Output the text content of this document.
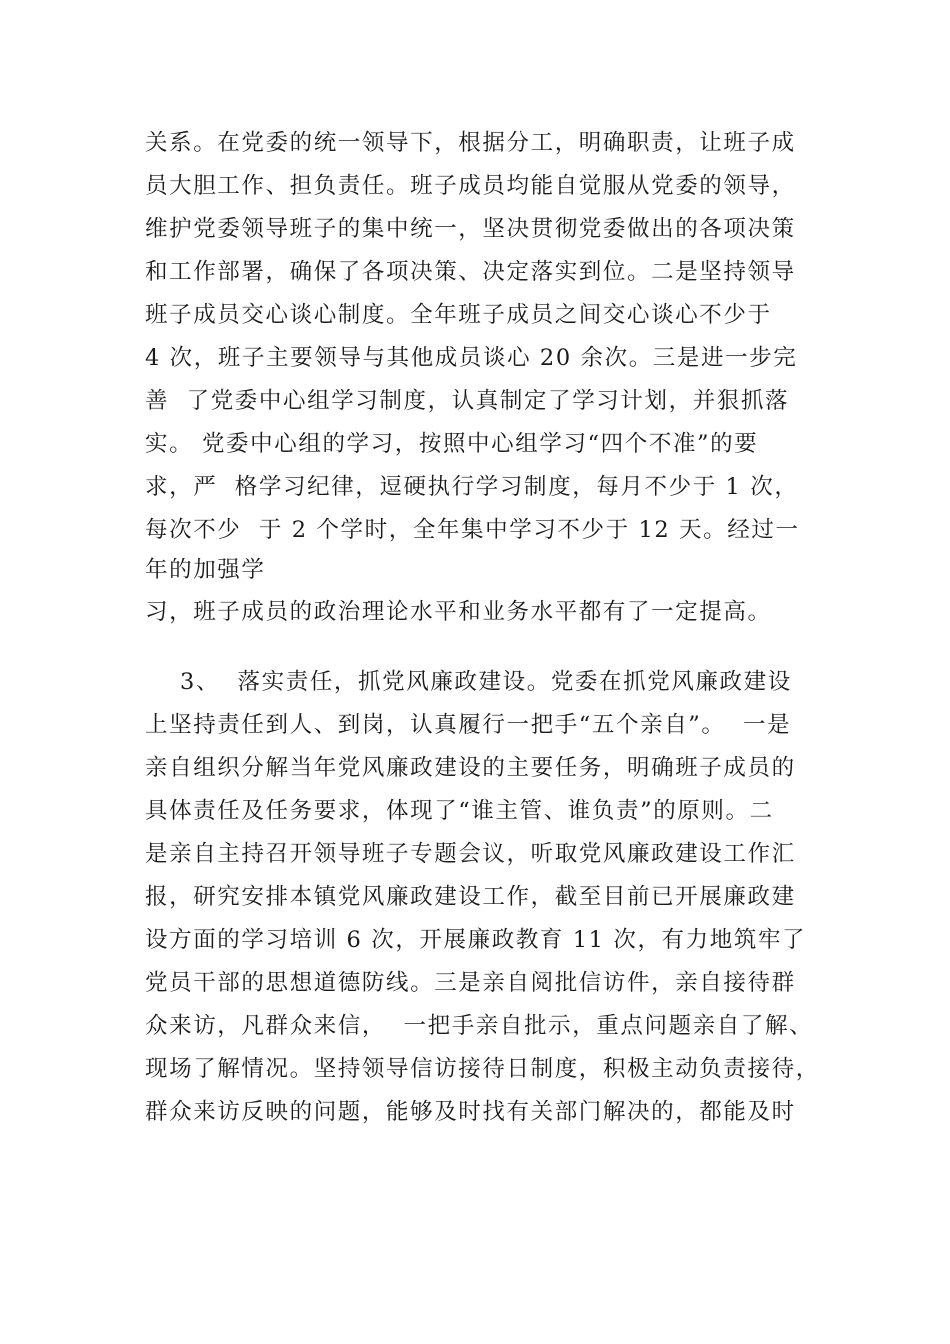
关系。在党委的统一领导下，根据分工，明确职责，让班子成
员大胆工作、担负责任。班子成员均能自觉服从党委的领导，
维护党委领导班子的集中统一，坚决贯彻党委做出的各项决策
和工作部署，确保了各项决策、决定落实到位。二是坚持领导
班子成员交心谈心制度。全年班子成员之间交心谈心不少于
4 次，班子主要领导与其他成员谈心 20 余次。三是进一步完
善  了党委中心组学习制度，认真制定了学习计划，并狠抓落
实。 党委中心组的学习，按照中心组学习“四个不准”的要
求，严  格学习纪律，逗硬执行学习制度，每月不少于 1 次，
每次不少  于 2 个学时，全年集中学习不少于 12 天。经过一
年的加强学
习，班子成员的政治理论水平和业务水平都有了一定提高。
3、  落实责任，抓党风廉政建设。党委在抓党风廉政建设
上坚持责任到人、到岗，认真履行一把手“五个亲自”。  一是
亲自组织分解当年党风廉政建设的主要任务，明确班子成员的
具体责任及任务要求，体现了“谁主管、谁负责”的原则。二
是亲自主持召开领导班子专题会议，听取党风廉政建设工作汇
报，研究安排本镇党风廉政建设工作，截至目前已开展廉政建
设方面的学习培训 6 次，开展廉政教育 11 次，有力地筑牢了
党员干部的思想道德防线。三是亲自阅批信访件，亲自接待群
众来访，凡群众来信，  一把手亲自批示，重点问题亲自了解、
现场了解情况。坚持领导信访接待日制度，积极主动负责接待，
群众来访反映的问题，能够及时找有关部门解决的，都能及时
